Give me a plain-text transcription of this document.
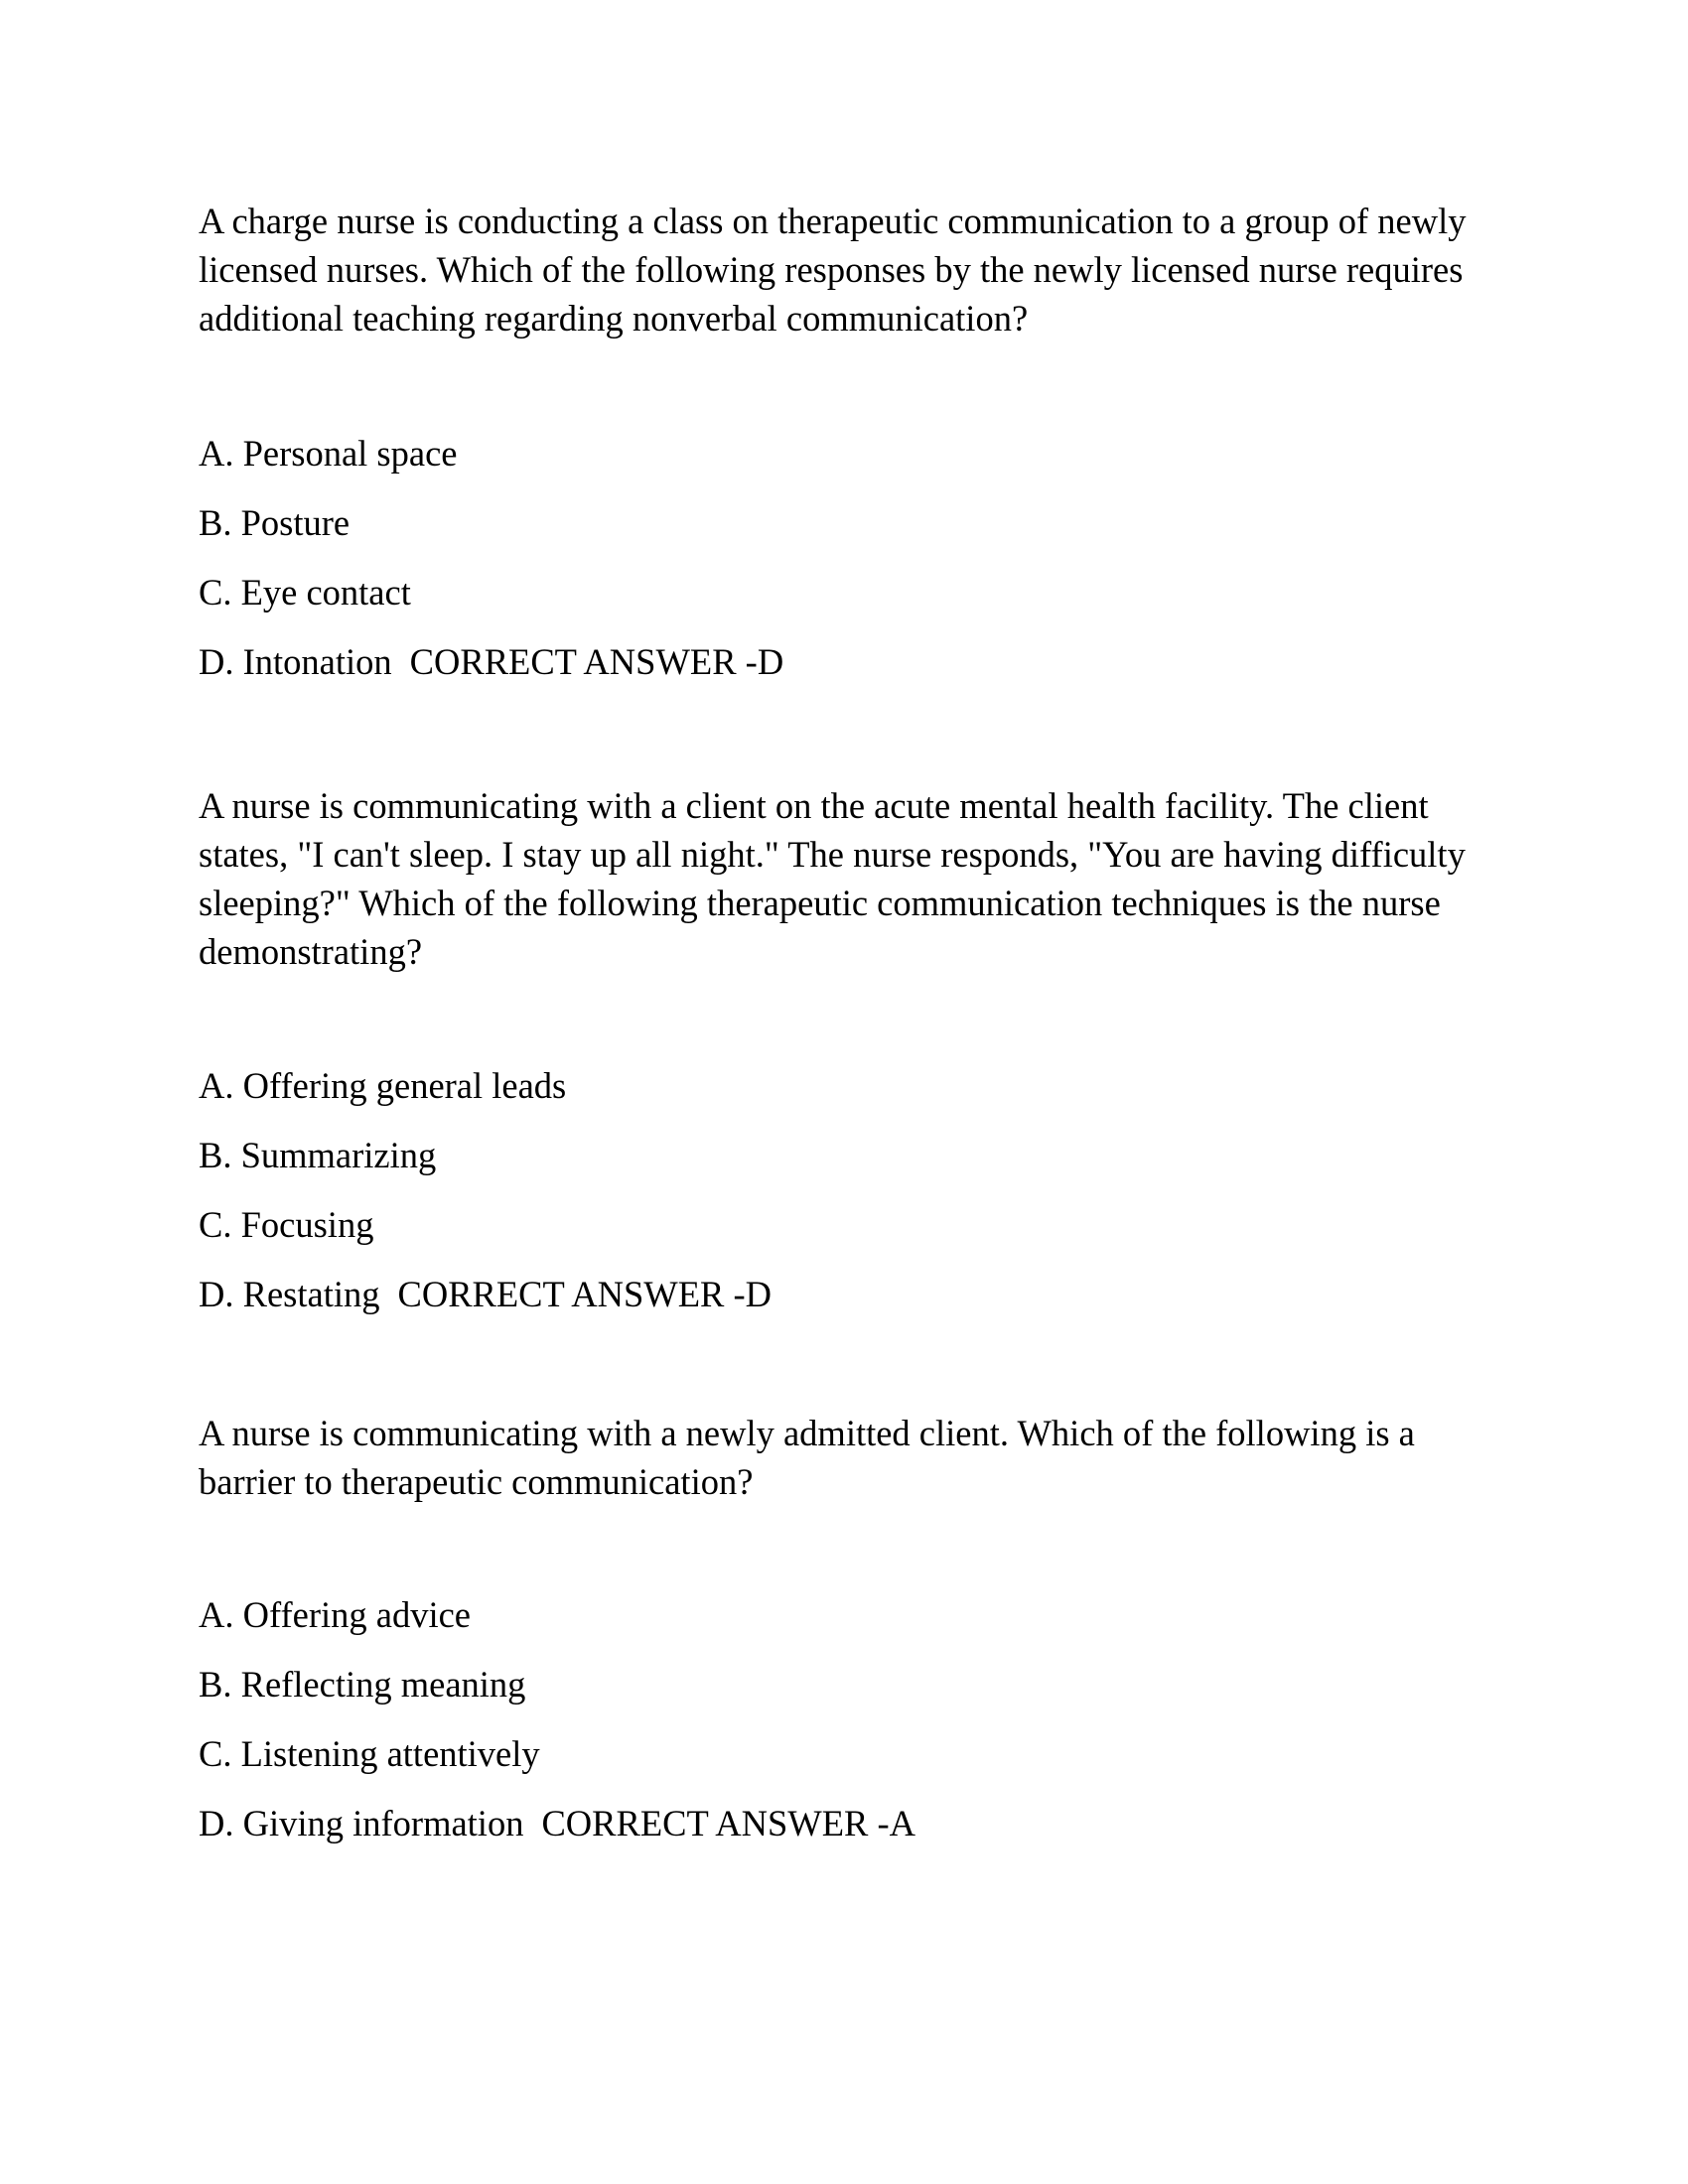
A charge nurse is conducting a class on therapeutic communication to a group of newly licensed nurses. Which of the following responses by the newly licensed nurse requires additional teaching regarding nonverbal communication?

A. Personal space

B. Posture

C. Eye contact

D. Intonation CORRECT ANSWER -D

A nurse is communicating with a client on the acute mental health facility. The client states, "I can't sleep. I stay up all night." The nurse responds, "You are having difficulty sleeping?" Which of the following therapeutic communication techniques is the nurse demonstrating?

A. Offering general leads

B. Summarizing

C. Focusing

D. Restating CORRECT ANSWER -D

A nurse is communicating with a newly admitted client. Which of the following is a barrier to therapeutic communication?

A. Offering advice

B. Reflecting meaning

C. Listening attentively

D. Giving information CORRECT ANSWER -A
